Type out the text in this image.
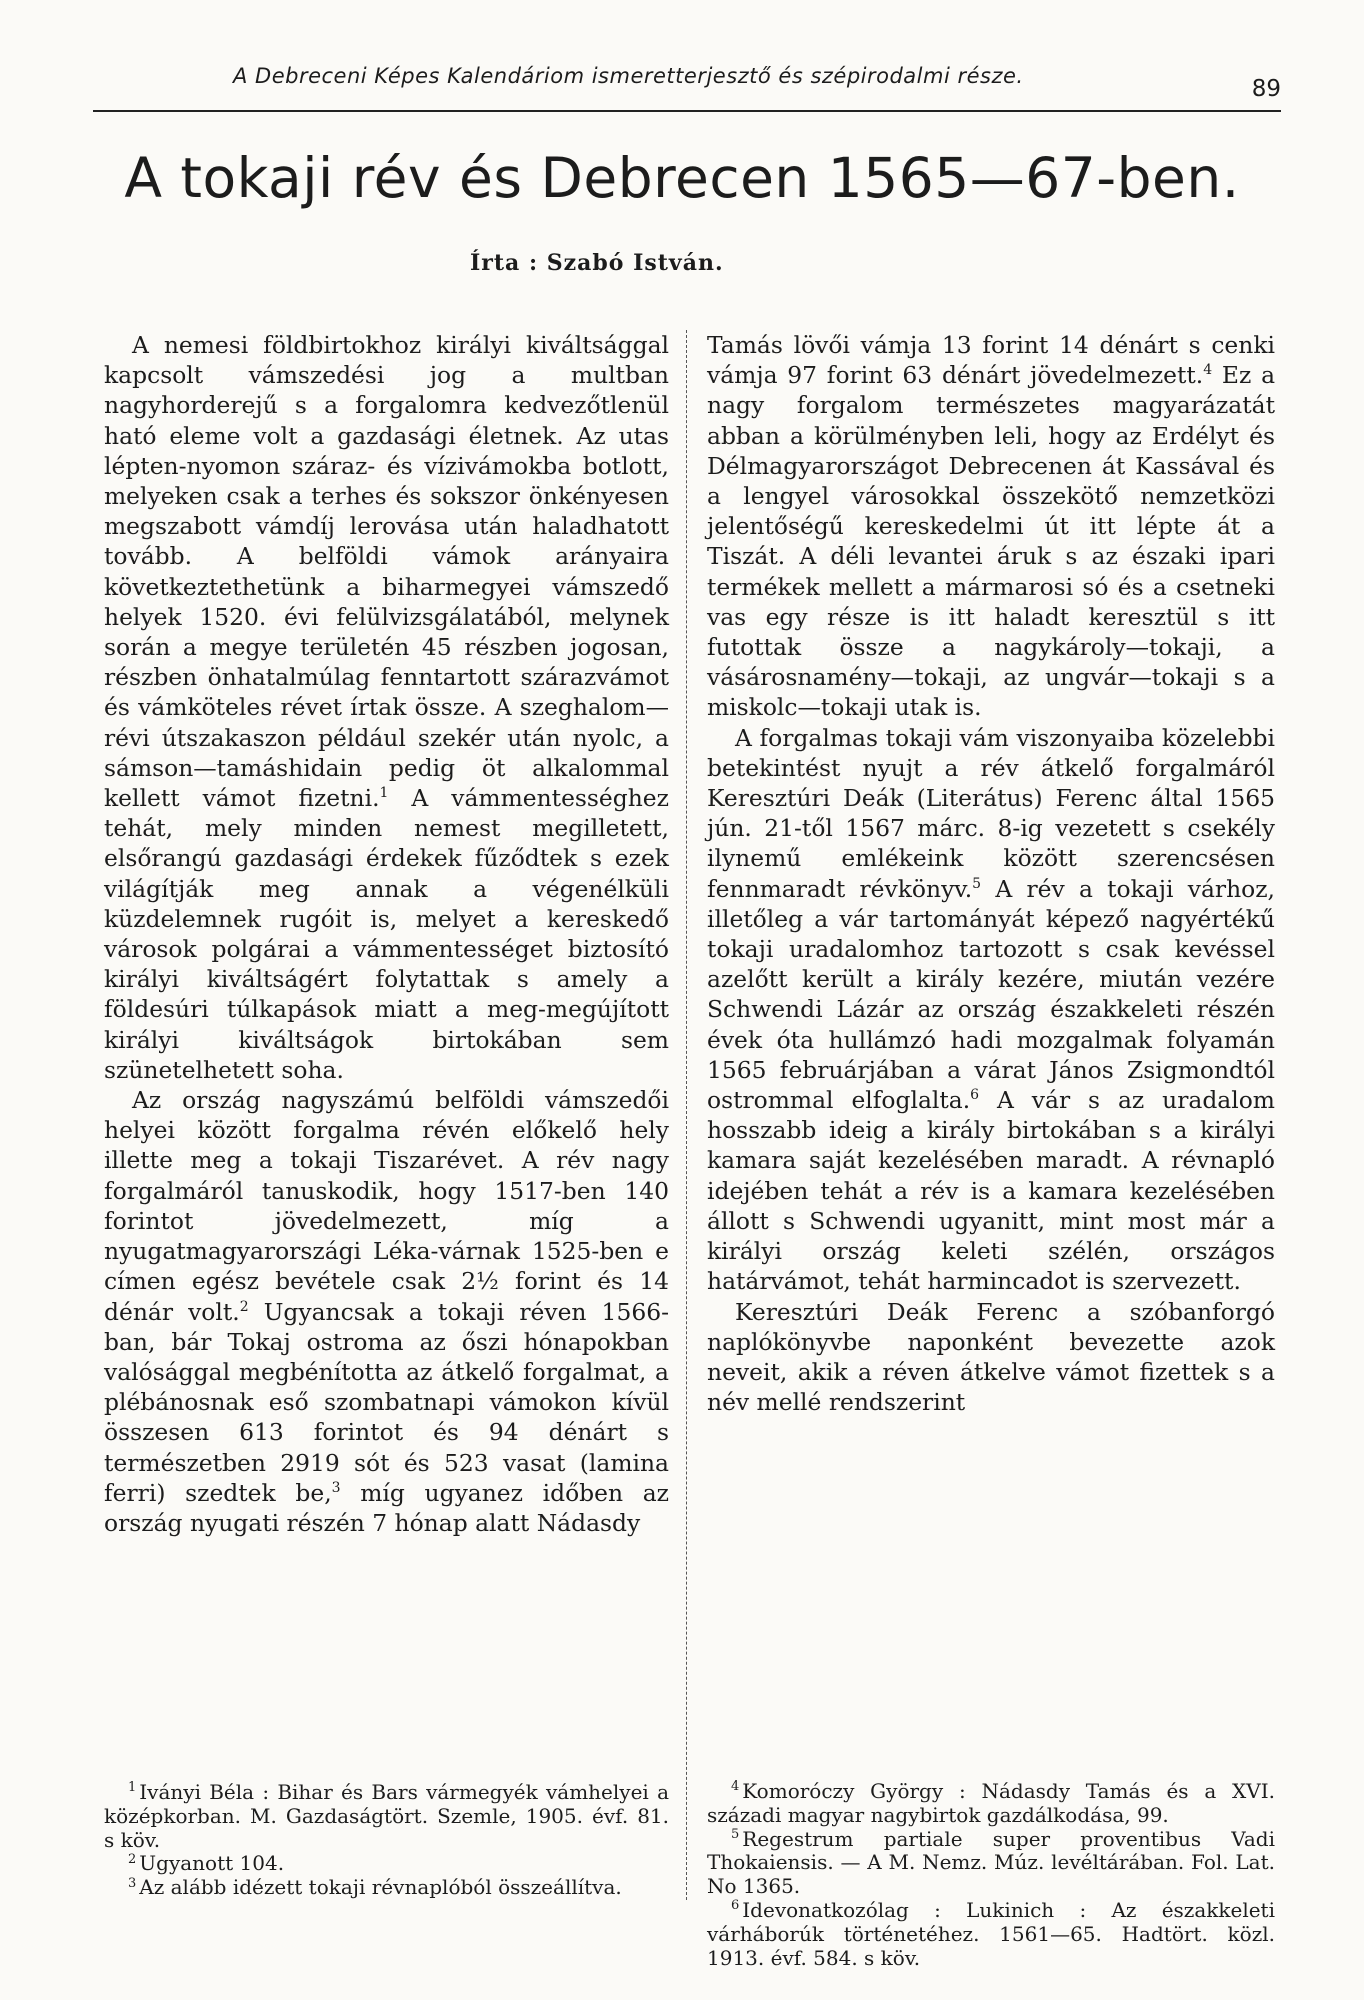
A Debreceni Képes Kalendáriom ismeretterjesztő és szépirodalmi része.	89
A tokaji rév és Debrecen 1565—67-ben.
Írta : Szabó István.

A nemesi földbirtokhoz királyi kiváltsággal kapcsolt vámszedési jog a multban nagyhorderejű s a forgalomra kedvezőtlenül ható eleme volt a gazdasági életnek. Az utas lépten-nyomon száraz- és vízivámokba botlott, melyeken csak a terhes és sokszor önkényesen megszabott vámdíj lerovása után haladhatott tovább. A belföldi vámok arányaira következtethetünk a biharmegyei vámszedő helyek 1520. évi felülvizsgálatából, melynek során a megye területén 45 részben jogosan, részben önhatalmúlag fenntartott szárazvámot és vámköteles révet írtak össze. A szeghalom—révi útszakaszon például szekér után nyolc, a sámson—tamáshidain pedig öt alkalommal kellett vámot fizetni.$^1$ A vámmentességhez tehát, mely minden nemest megilletett, elsőrangú gazdasági érdekek fűződtek s ezek világítják meg annak a végenélküli küzdelemnek rugóit is, melyet a kereskedő városok polgárai a vámmentességet biztosító királyi kiváltságért folytattak s amely a földesúri túlkapások miatt a meg-megújított királyi kiváltságok birtokában sem szünetelhetett soha.

Az ország nagyszámú belföldi vámszedői helyei között forgalma révén előkelő hely illette meg a tokaji Tiszarévet. A rév nagy forgalmáról tanuskodik, hogy 1517-ben 140 forintot jövedelmezett, míg a nyugatmagyarországi Léka-várnak 1525-ben e címen egész bevétele csak 2½ forint és 14 dénár volt.$^2$ Ugyancsak a tokaji réven 1566-ban, bár Tokaj ostroma az őszi hónapokban valósággal megbénította az átkelő forgalmat, a plébánosnak eső szombatnapi vámokon kívül összesen 613 forintot és 94 dénárt s természetben 2919 sót és 523 vasat (lamina ferri) szedtek be,$^3$ míg ugyanez időben az ország nyugati részén 7 hónap alatt Nádasdy

Tamás lövői vámja 13 forint 14 dénárt s cenki vámja 97 forint 63 dénárt jövedelmezett.$^4$ Ez a nagy forgalom természetes magyarázatát abban a körülményben leli, hogy az Erdélyt és Délmagyarországot Debrecenen át Kassával és a lengyel városokkal összekötő nemzetközi jelentőségű kereskedelmi út itt lépte át a Tiszát. A déli levantei áruk s az északi ipari termékek mellett a mármarosi só és a csetneki vas egy része is itt haladt keresztül s itt futottak össze a nagykároly—tokaji, a vásárosnamény—tokaji, az ungvár—tokaji s a miskolc—tokaji utak is.

A forgalmas tokaji vám viszonyaiba közelebbi betekintést nyujt a rév átkelő forgalmáról Keresztúri Deák (Literátus) Ferenc által 1565 jún. 21-től 1567 márc. 8-ig vezetett s csekély ilynemű emlékeink között szerencsésen fennmaradt révkönyv.$^5$ A rév a tokaji várhoz, illetőleg a vár tartományát képező nagyértékű tokaji uradalomhoz tartozott s csak kevéssel azelőtt került a király kezére, miután vezére Schwendi Lázár az ország északkeleti részén évek óta hullámzó hadi mozgalmak folyamán 1565 februárjában a várat János Zsigmondtól ostrommal elfoglalta.$^6$ A vár s az uradalom hosszabb ideig a király birtokában s a királyi kamara saját kezelésében maradt. A révnapló idejében tehát a rév is a kamara kezelésében állott s Schwendi ugyanitt, mint most már a királyi ország keleti szélén, országos határvámot, tehát harmincadot is szervezett.

Keresztúri Deák Ferenc a szóbanforgó naplókönyvbe naponként bevezette azok neveit, akik a réven átkelve vámot fizettek s a név mellé rendszerint

$^1$ Iványi Béla : Bihar és Bars vármegyék vámhelyei a középkorban. M. Gazdaságtört. Szemle, 1905. évf. 81. s köv.

$^2$ Ugyanott 104.

$^3$ Az alább idézett tokaji révnaplóból összeállítva.

$^4$ Komoróczy György : Nádasdy Tamás és a XVI. századi magyar nagybirtok gazdálkodása, 99.

$^5$ Regestrum partiale super proventibus Vadi Thokaiensis. — A M. Nemz. Múz. levéltárában. Fol. Lat. No 1365.

$^6$ Idevonatkozólag : Lukinich : Az északkeleti várháborúk történetéhez. 1561—65. Hadtört. közl. 1913. évf. 584. s köv.
